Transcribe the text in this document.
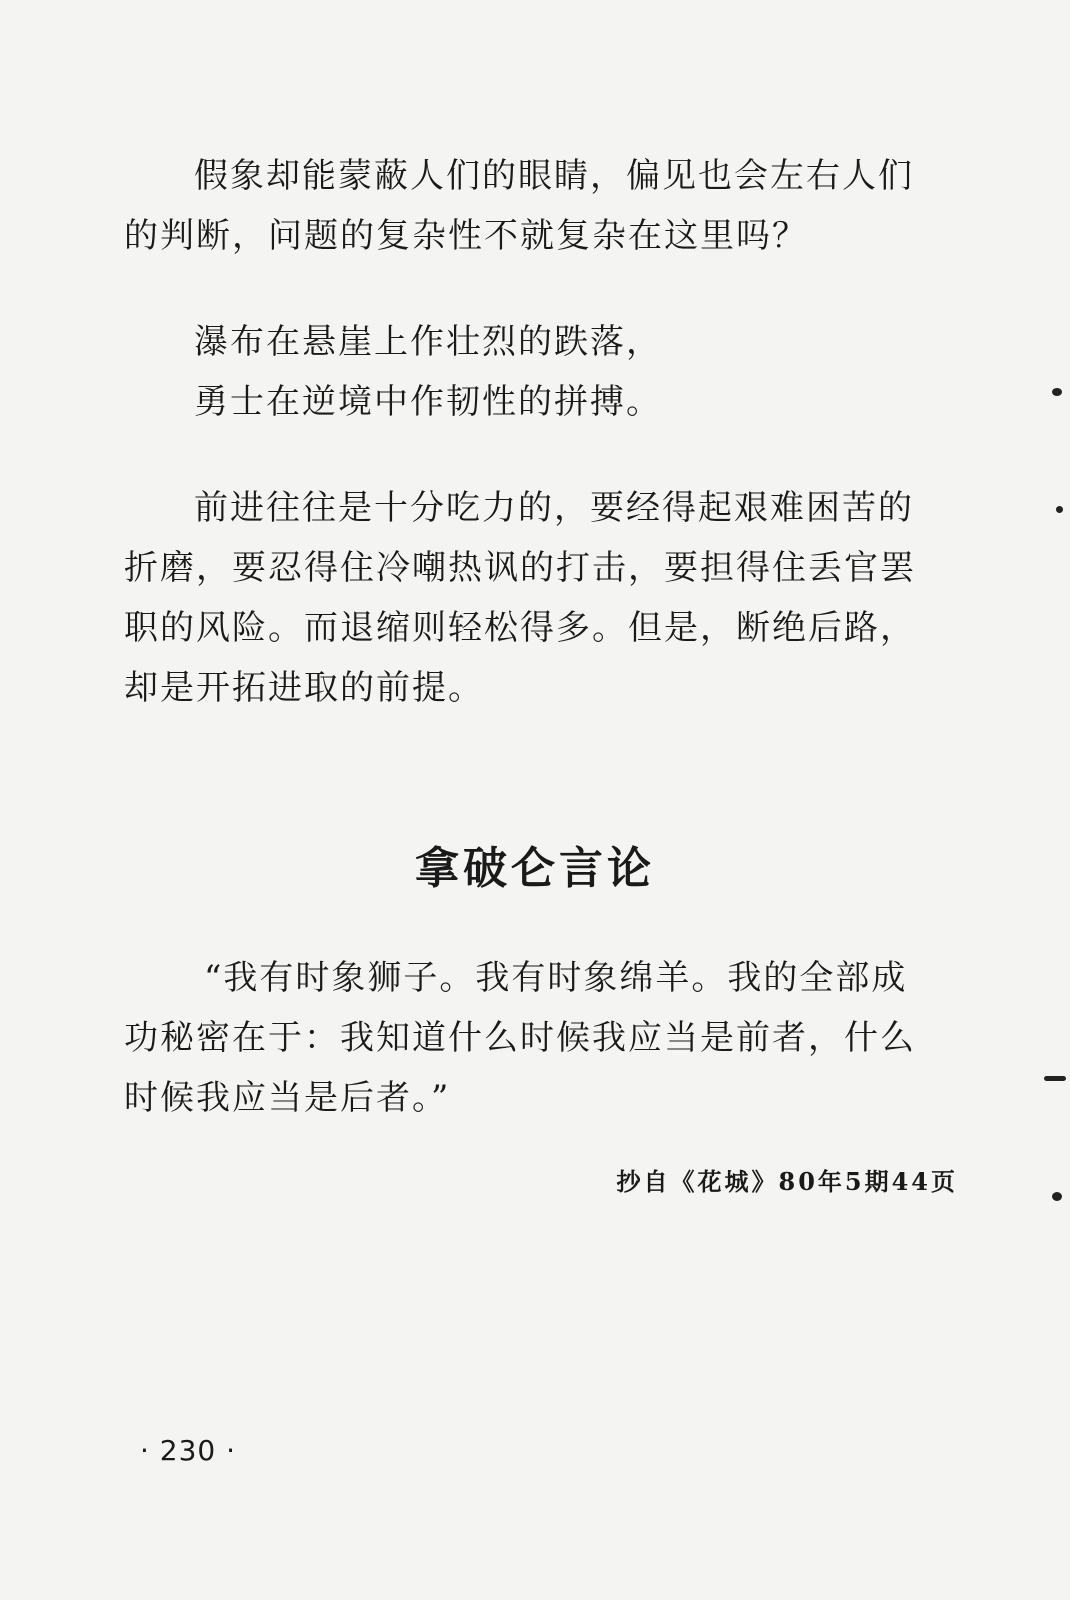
假象却能蒙蔽人们的眼睛，偏见也会左右人们
的判断，问题的复杂性不就复杂在这里吗？
瀑布在悬崖上作壮烈的跌落，
勇士在逆境中作韧性的拼搏。
前进往往是十分吃力的，要经得起艰难困苦的
折磨，要忍得住冷嘲热讽的打击，要担得住丢官罢
职的风险。而退缩则轻松得多。但是，断绝后路，
却是开拓进取的前提。
拿破仑言论
“我有时象狮子。我有时象绵羊。我的全部成
功秘密在于：我知道什么时候我应当是前者，什么
时候我应当是后者。”
抄自《花城》80年5期44页
· 230 ·
